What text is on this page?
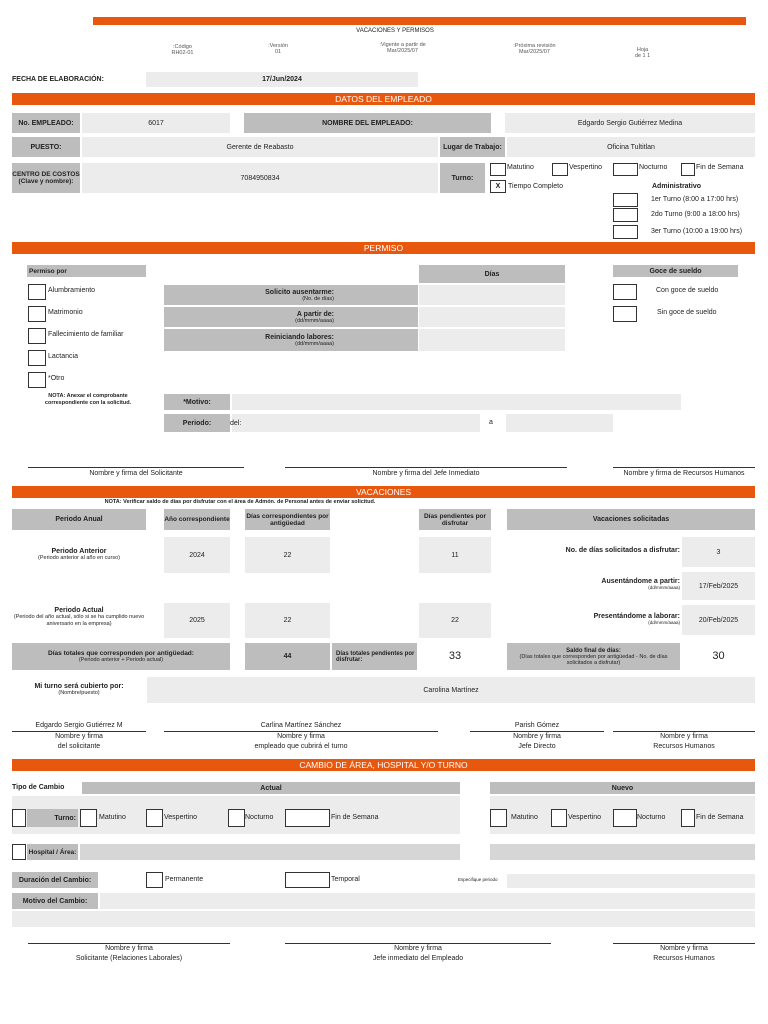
VACACIONES Y PERMISOS
:Código
RH02-01
:Versión
01
:Vigente a partir de
Mar/2025/07
:Próxima revisión
Mar/2025/07	Hoja
de 1 1
FECHA DE ELABORACIÓN:	17/Jun/2024
DATOS DEL EMPLEADO
No. EMPLEADO:	6017	NOMBRE DEL EMPLEADO:	Edgardo Sergio Gutiérrez Medina
PUESTO:	Gerente de Reabasto	Lugar de Trabajo:	Oficina Tultitlan
CENTRO DE COSTOS (Clave y nombre):	7084950834	Turno:
Matutino	Vespertino	Nocturno	Fin de Semana
X	Tiempo Completo	Administrativo
1er Turno (8:00 a 17:00 hrs)
2do Turno (9:00 a 18:00 hrs)
3er Turno (10:00 a 19:00 hrs)
PERMISO
Permiso por
Alumbramiento
Matrimonio
Fallecimiento de familiar
Lactancia
*Otro
NOTA: Anexar el comprobante correspondiente con la solicitud.
Días
Solicito ausentarme:
(No. de días)
A partir de:
(dd/mmm/aaaa)
Reiniciando labores:
(dd/mmm/aaaa)
Goce de sueldo
Con goce de sueldo
Sin goce de sueldo
*Motivo:
Periodo:	del:	a
Nombre y firma del Solicitante	Nombre y firma del Jefe Inmediato	Nombre y firma de Recursos Humanos
VACACIONES
NOTA: Verificar saldo de días por disfrutar con el área de Admón. de Personal antes de enviar solicitud.
Periodo Anual	Año correspondiente	Días correspondientes por antigüedad
Días pendientes por disfrutar	Vacaciones solicitadas
Periodo Anterior
(Periodo anterior al año en curso)	2024	22	11
No. de días solicitados a disfrutar:	3
Ausentándome a partir:
(dd/mmm/aaaa)	17/Feb/2025
Periodo Actual
(Periodo del año actual, sólo si se ha cumplido nuevo aniversario en la empresa)	2025	22	22
Presentándome a laborar:
(dd/mmm/aaaa)	20/Feb/2025
Días totales que corresponden por antigüedad:
(Periodo anterior + Periodo actual)	44	Días totales pendientes por disfrutar:	33	Saldo final de días:
(Días totales que corresponden por antigüedad - No. de días solicitados a disfrutar)
30
Mi turno será cubierto por:
(Nombre/puesto)	Carolina Martínez
Edgardo Sergio Gutiérrez M
Nombre y firma
del solicitante
Carlina Martínez Sánchez
Nombre y firma
empleado que cubrirá el turno
Parish Gómez
Nombre y firma
Jefe Directo
Nombre y firma
Recursos Humanos
CAMBIO DE ÁREA, HOSPITAL Y/O TURNO
Tipo de Cambio	Actual	Nuevo
Turno:	Matutino	Vespertino	Nocturno	Fin de Semana	Matutino	Vespertino	Nocturno	Fin de Semana
Hospital / Área:
Duración del Cambio:	Permanente	Temporal	Especifique periodo
Motivo del Cambio:
Nombre y firma
Solicitante (Relaciones Laborales)
Nombre y firma
Jefe inmediato del Empleado
Nombre y firma
Recursos Humanos
